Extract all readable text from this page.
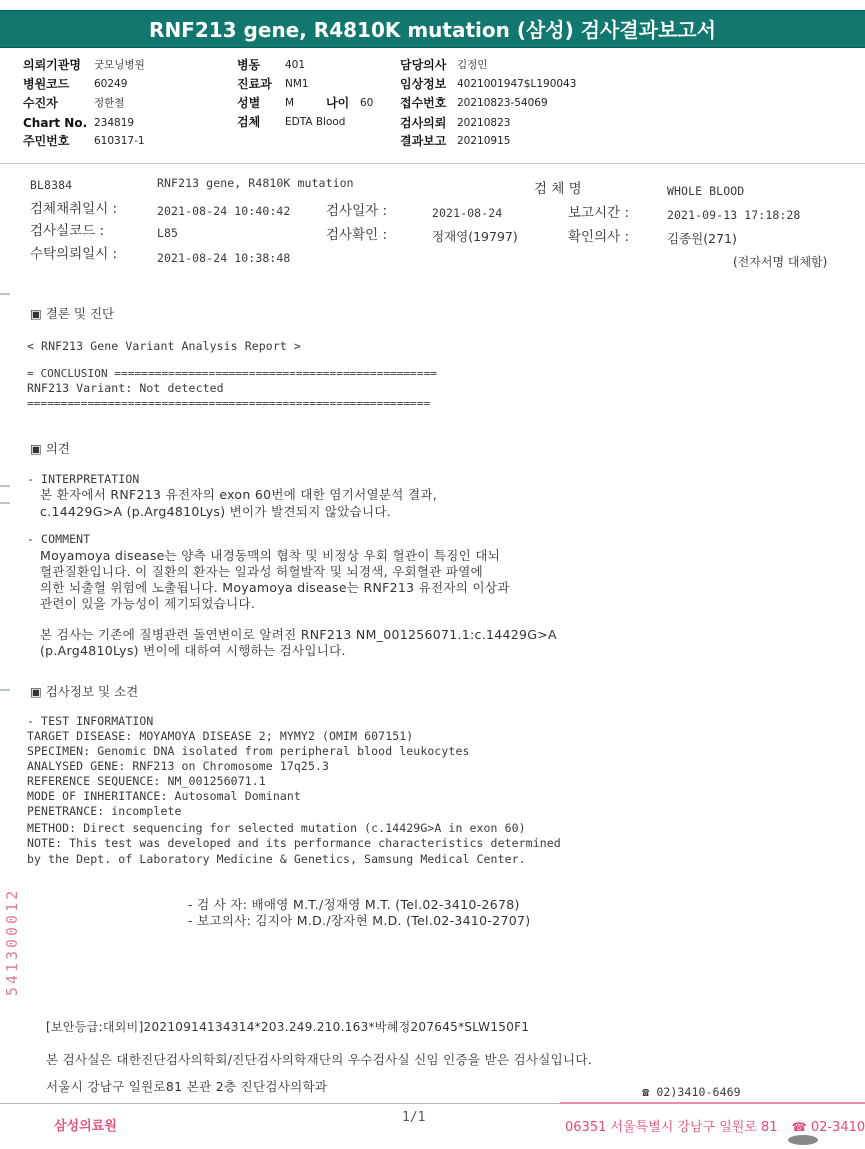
RNF213 gene, R4810K mutation (삼성) 검사결과보고서
의뢰기관명 굿모닝병원
병원코드 60249
수진자	정한철
Chart No. 234819
주민번호 610317-1
병동 401
진료과 NM1
성별 M	나이 60
검체 EDTA Blood
담당의사 김정민
임상정보 4021001947$L190043
접수번호 20210823-54069
검사의뢰 20210823
결과보고 20210915
BL8384	RNF213 gene, R4810K mutation	검 체 명	WHOLE BLOOD
검체채취일시 :	2021-08-24 10:40:42	검사일자 :	2021-08-24	보고시간 :	2021-09-13 17:18:28
검사실코드 :	L85	검사확인 :	정재영(19797)	확인의사 :	김종원(271)
수탁의뢰일시 :	2021-08-24 10:38:48	(전자서명 대체함)
▣ 결론 및 진단
< RNF213 Gene Variant Analysis Report >
= CONCLUSION ================================================
RNF213 Variant: Not detected
============================================================
▣ 의견
- INTERPRETATION
본 환자에서 RNF213 유전자의 exon 60번에 대한 염기서열분석 결과,
c.14429G>A (p.Arg4810Lys) 변이가 발견되지 않았습니다.
- COMMENT
Moyamoya disease는 양측 내경동맥의 협착 및 비정상 우회 혈관이 특징인 대뇌
혈관질환입니다. 이 질환의 환자는 일과성 허혈발작 및 뇌경색, 우회혈관 파열에
의한 뇌출혈 위험에 노출됩니다. Moyamoya disease는 RNF213 유전자의 이상과
관련이 있을 가능성이 제기되었습니다.
본 검사는 기존에 질병관련 돌연변이로 알려진 RNF213 NM_001256071.1:c.14429G>A
(p.Arg4810Lys) 변이에 대하여 시행하는 검사입니다.
▣ 검사정보 및 소견
- TEST INFORMATION
TARGET DISEASE: MOYAMOYA DISEASE 2; MYMY2 (OMIM 607151)
SPECIMEN: Genomic DNA isolated from peripheral blood leukocytes
ANALYSED GENE: RNF213 on Chromosome 17q25.3
REFERENCE SEQUENCE: NM_001256071.1
MODE OF INHERITANCE: Autosomal Dominant
PENETRANCE: incomplete
METHOD: Direct sequencing for selected mutation (c.14429G>A in exon 60)
NOTE: This test was developed and its performance characteristics determined
by the Dept. of Laboratory Medicine & Genetics, Samsung Medical Center.
- 검 사 자: 배애영 M.T./정재영 M.T. (Tel.02-3410-2678)
- 보고의사: 김지아 M.D./장자현 M.D. (Tel.02-3410-2707)
[보안등급:대외비]20210914134314*203.249.210.163*박혜정207645*SLW150F1
본 검사실은 대한진단검사의학회/진단검사의학재단의 우수검사실 신임 인증을 받은 검사실입니다.
서울시 강남구 일원로81 본관 2층 진단검사의학과	☎ 02)3410-6469
541300012
삼성의료원
1/1
06351 서울특별시 강남구 일원로 81 ☎ 02-3410
